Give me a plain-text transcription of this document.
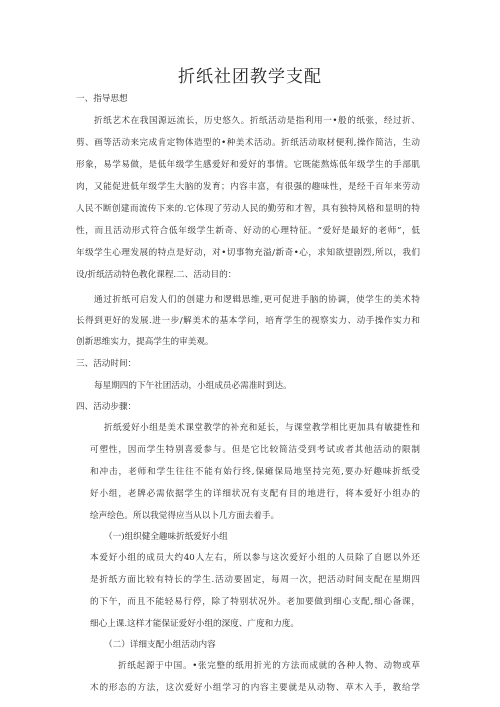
折纸社团教学支配
一、指导思想
折纸艺术在我国源远流长，历史悠久。折纸活动是指利用一•般的纸张，经过折、
剪、画等活动来完成肯定物体造型的•种美术活动。折纸活动取材便利,操作简洁，生动
形象，易学易做，是低年级学生感爱好和爱好的事情。它既能熬炼低年级学生的手部肌
肉，又能促进低年级学生大脑的发育；内容丰富，有很强的趣味性，是经千百年来劳动
人民不断创建而流传下来的.它体现了劳动人民的勤劳和才智，具有独特风格和显明的特
性，而且活动形式符合低年级学生新奇、好动的心理特征。“爱好是最好的老师”，低
年级学生心理发展的特点是好动，对•切事物充溢/新奇•心，求知欲望剧烈,所以，我们
设/折纸活动特色教化课程.二、活动目的：
通过折纸可启发人们的创建力和逻辑思维,更可促进手脑的协调，使学生的美术特
长得到更好的发展.进一步/解美术的基本学问，培育学生的视察实力、动手操作实力和
创新思维实力，提高学生的审美观。
三、活动时间：
每星期四的下午社团活动，小组成员必需准时到达。
四、活动步骤：
折纸爱好小组是美术课堂教学的补充和延长，与课堂教学相比更加具有敏捷性和
可塑性，因而学生特别喜爱参与。但是它比较简洁受到考试或者其他活动的限制
和冲击，老师和学生往往不能有始行终,保瘫保局地坚持完苑,要办好趣味折纸受
好小组，老牌必需依据学生的详细状况有支配有目的地进行，将本爱好小组办的
绘声绘色。所以我觉得应当从以卜几方面去着手。
（一)组织健全趣味折纸爱好小组
本爱好小组的成员大约40人左右，所以参与这次爱好小组的人员除了自愿以外还
是折纸方面比较有特长的学生.活动要固定，每周一次，把活动时间支配在星期四
的下午，而且不能轻易行停，除了特别状况外。老加要做到细心支配,细心备课，
细心上课.这样才能保证爱好小组的深度、广度和力度。
（二）详细支配小组活动内容
折纸起源于中国。•张完整的纸用折光的方法而成就的各种人物、动物或草
木的形态的方法，这次爱好小组学习的内容主要就是从动物、草木入手，教给学
